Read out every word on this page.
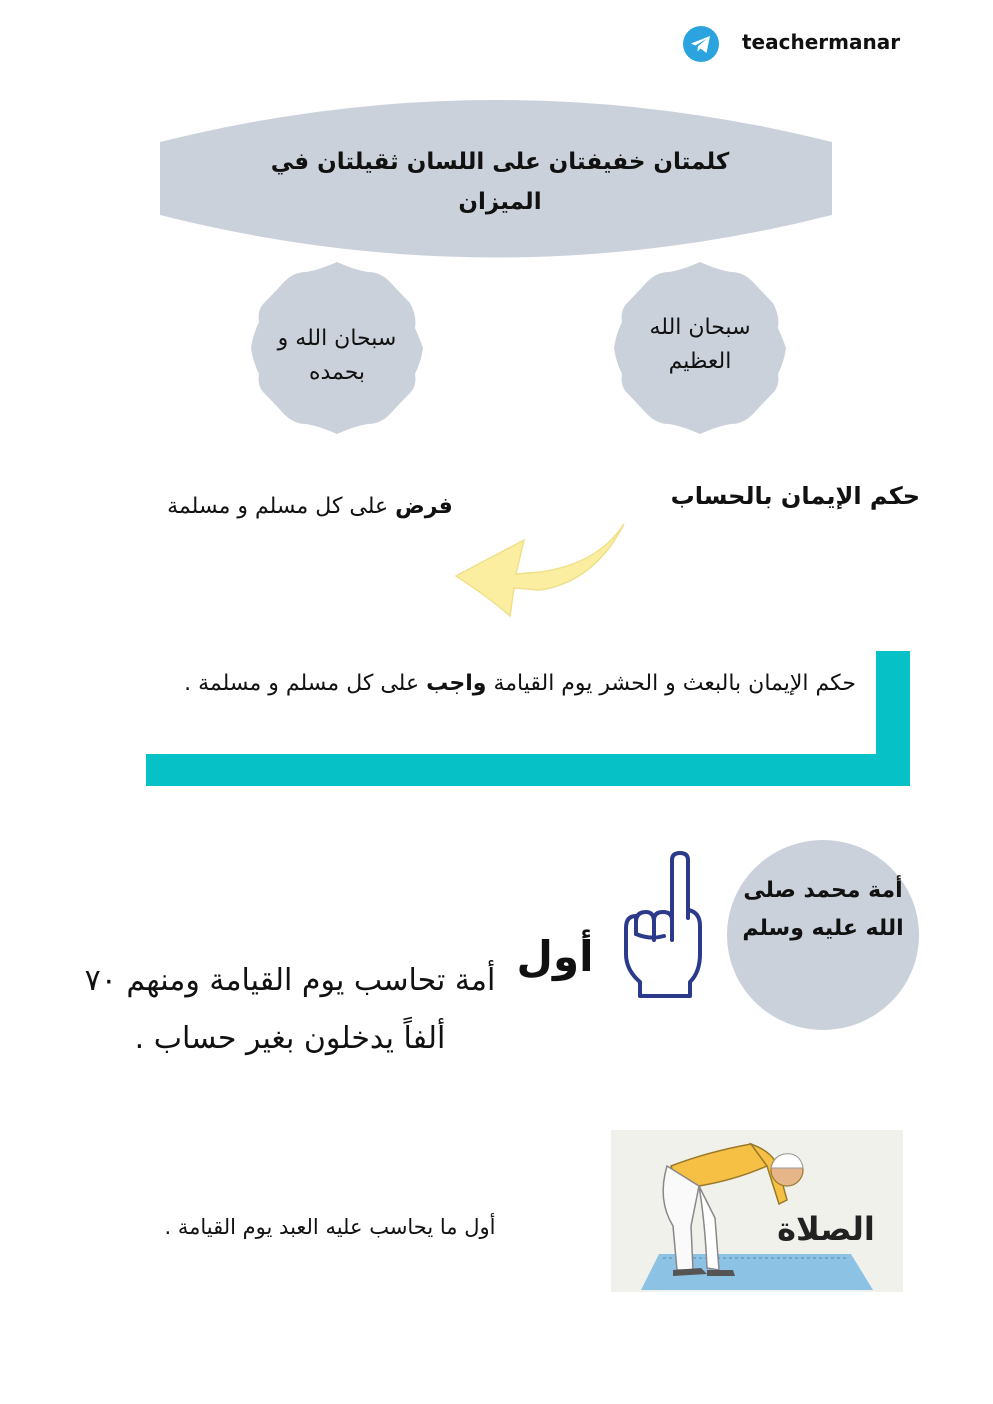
teachermanar
كلمتان خفيفتان على اللسان ثقيلتان في الميزان
سبحان الله العظيم
سبحان الله و بحمده
حكم الإيمان بالحساب
فرض على كل مسلم و مسلمة
حكم الإيمان بالبعث و الحشر يوم القيامة واجب على كل مسلم و مسلمة .
أمة محمد صلى الله عليه وسلم
أول
أمة تحاسب يوم القيامة ومنهم ٧٠ ألفاً يدخلون بغير حساب .
الصلاة
أول ما يحاسب عليه العبد يوم القيامة .
